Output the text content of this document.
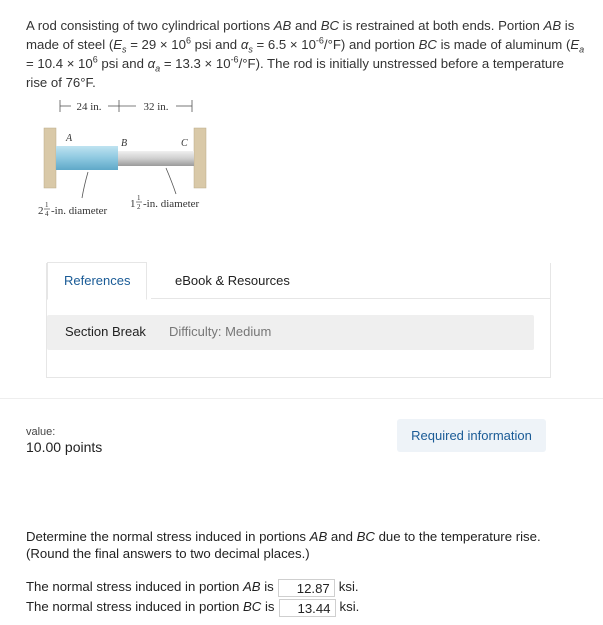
A rod consisting of two cylindrical portions AB and BC is restrained at both ends. Portion AB is made of steel ($E_s = 29 \times 10^6$ psi and $\alpha_s = 6.5 \times 10^{-6}/^\circ F$) and portion BC is made of aluminum ($E_a = 10.4 \times 10^6$ psi and $\alpha_a = 13.3 \times 10^{-6}/^\circ F$). The rod is initially unstressed before a temperature rise of 76°F.
24 in.	32 in.
A	B	C
2 1
4 -in. diameter
1 1
2 -in. diameter
References	eBook & Resources
Section Break Difficulty: Medium
value:
10.00 points
Required information
Determine the normal stress induced in portions AB and BC due to the temperature rise. (Round the final answers to two decimal places.)
The normal stress induced in portion AB is 12.87 ksi.
The normal stress induced in portion BC is 13.44 ksi.
